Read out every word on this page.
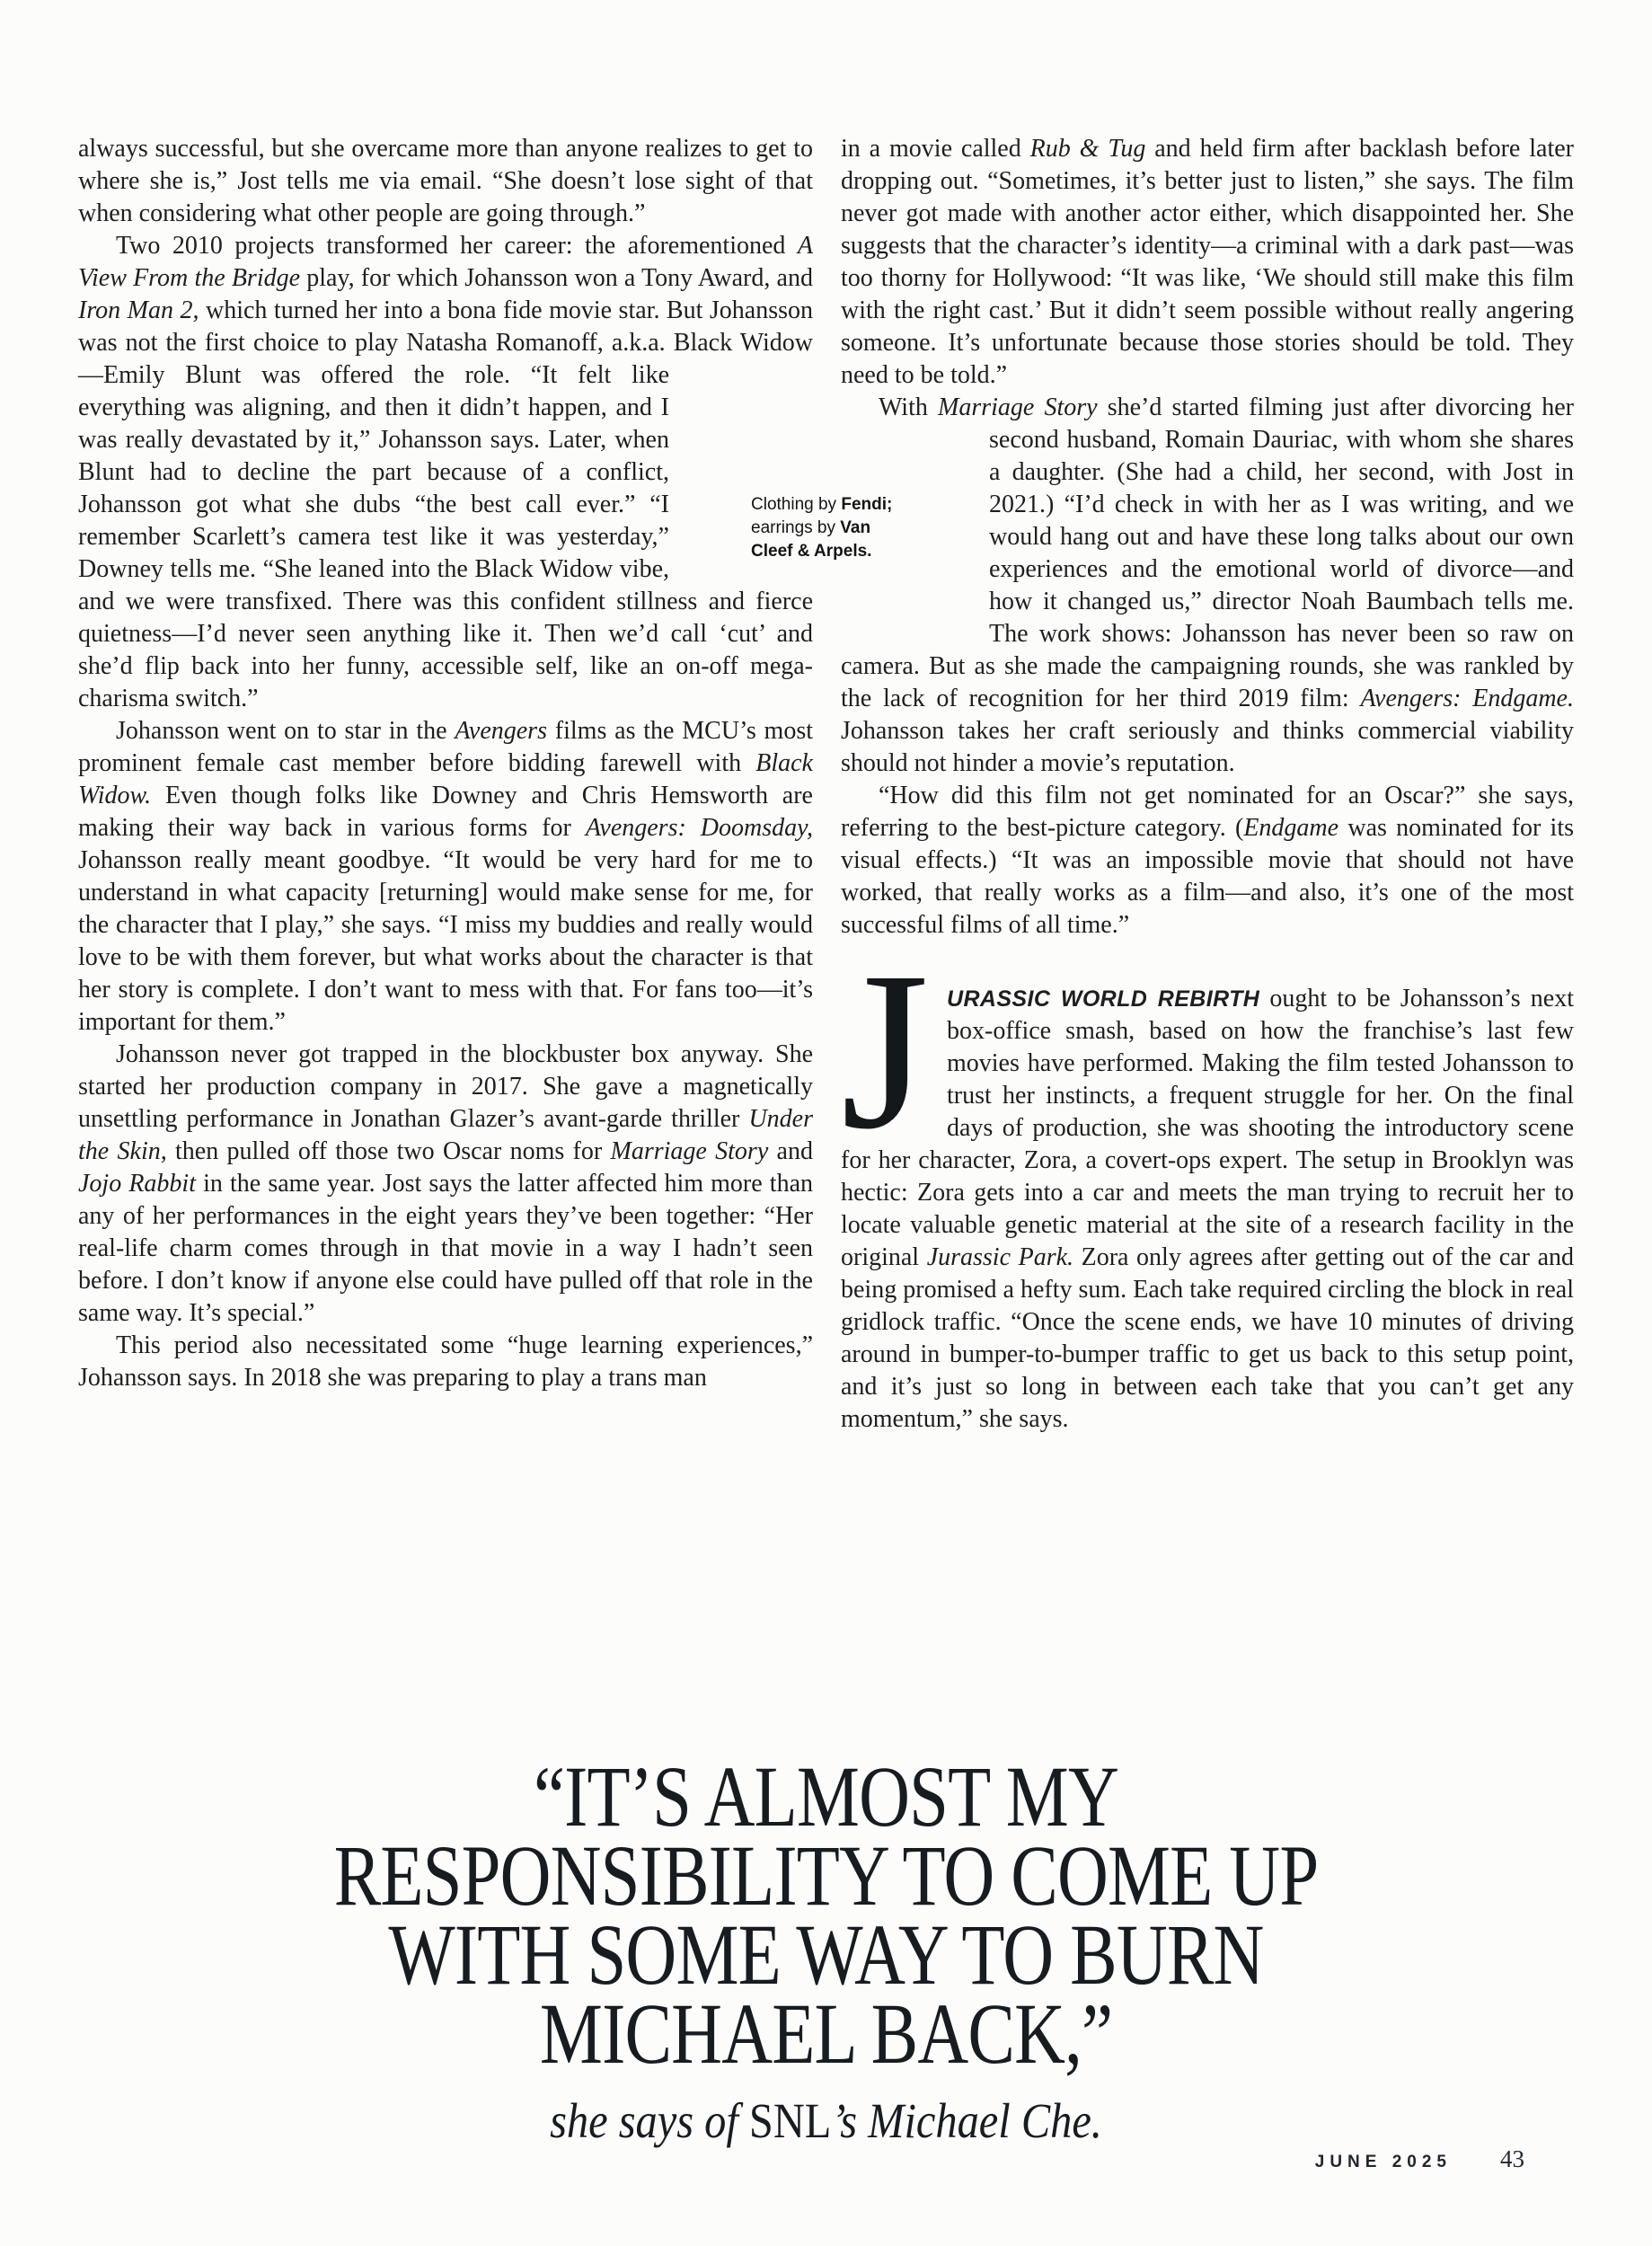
always successful, but she overcame more than anyone realizes to get to where she is,” Jost tells me via email. “She doesn’t lose sight of that when considering what other people are going through.”

Two 2010 projects transformed her career: the aforementioned A View From the Bridge play, for which Johansson won a Tony Award, and Iron Man 2, which turned her into a bona fide movie star. But Johansson was not the first choice to play Natasha Romanoff, a.k.a. Black Widow—Emily Blunt was offered the
role. “It felt like everything was aligning, and then it didn’t happen, and I was really devastated by it,” Johansson says. Later, when Blunt had to decline the part because of a conflict, Johansson got what she dubs “the best call ever.” “I remember Scarlett’s camera test like it was yesterday,” Downey tells me. “She leaned into the Black Widow vibe, and we were transfixed. There was this confident stillness and fierce quietness—I’d never seen anything like it. Then we’d call ‘cut’ and she’d flip back into her funny, accessible self, like an on-off mega-charisma switch.”

Johansson went on to star in the Avengers films as the MCU’s most prominent female cast member before bidding farewell with Black Widow. Even though folks like Downey and Chris Hemsworth are making their way back in various forms for Avengers: Doomsday, Johansson really meant goodbye. “It would be very hard for me to understand in what capacity [returning] would make sense for me, for the character that I play,” she says. “I miss my buddies and really would love to be with them forever, but what works about the character is that her story is complete. I don’t want to mess with that. For fans too—it’s important for them.”

Johansson never got trapped in the blockbuster box anyway. She started her production company in 2017. She gave a magnetically unsettling performance in Jonathan Glazer’s avant-garde thriller Under the Skin, then pulled off those two Oscar noms for Marriage Story and Jojo Rabbit in the same year. Jost says the latter affected him more than any of her performances in the eight years they’ve been together: “Her real-life charm comes through in that movie in a way I hadn’t seen before. I don’t know if anyone else could have pulled off that role in the same way. It’s special.”

This period also necessitated some “huge learning experiences,” Johansson says. In 2018 she was preparing to play a trans man

in a movie called Rub & Tug and held firm after backlash before later dropping out. “Sometimes, it’s better just to listen,” she says. The film never got made with another actor either, which disappointed her. She suggests that the character’s identity—a criminal with a dark past—was too thorny for Hollywood: “It was like, ‘We should still make this film with the right cast.’ But it didn’t seem possible without really angering someone. It’s unfortunate because those stories should be told. They need to be told.”

With Marriage Story she’d started filming just after divorcing
her second husband, Romain Dauriac, with whom she shares a daughter. (She had a child, her second, with Jost in 2021.) “I’d check in with her as I was writing, and we would hang out and have these long talks about our own experiences and the emotional world of divorce—and how it changed us,” director Noah Baumbach tells me. The work shows: Johansson has never been so raw on camera. But as she made the campaigning rounds, she was rankled by the lack of recognition for her third 2019 film: Avengers: Endgame. Johansson takes her craft seriously and thinks commercial viability should not hinder a movie’s reputation.

“How did this film not get nominated for an Oscar?” she says, referring to the best-picture category. (Endgame was nominated for its visual effects.) “It was an impossible movie that should not have worked, that really works as a film—and also, it’s one of the most successful films of all time.”

JURASSIC WORLD REBIRTH ought to be Johansson’s next box-office smash, based on how the franchise’s last few movies have performed. Making the film tested Johansson to trust her instincts, a frequent struggle for her. On the final days of production, she was shooting the introductory scene for her character, Zora, a covert-ops expert. The setup in Brooklyn was hectic: Zora gets into a car and meets the man trying to recruit her to locate valuable genetic material at the site of a research facility in the original Jurassic Park. Zora only agrees after getting out of the car and being promised a hefty sum. Each take required circling the block in real gridlock traffic. “Once the scene ends, we have 10 minutes of driving around in bumper-to-bumper traffic to get us back to this setup point, and it’s just so long in between each take that you can’t get any momentum,” she says.

Clothing by Fendi; earrings by Van Cleef & Arpels.
“IT’S ALMOST MY
RESPONSIBILITY TO COME UP
WITH SOME WAY TO BURN
MICHAEL BACK,”
she says of SNL’s Michael Che.
JUNE 2025 43
